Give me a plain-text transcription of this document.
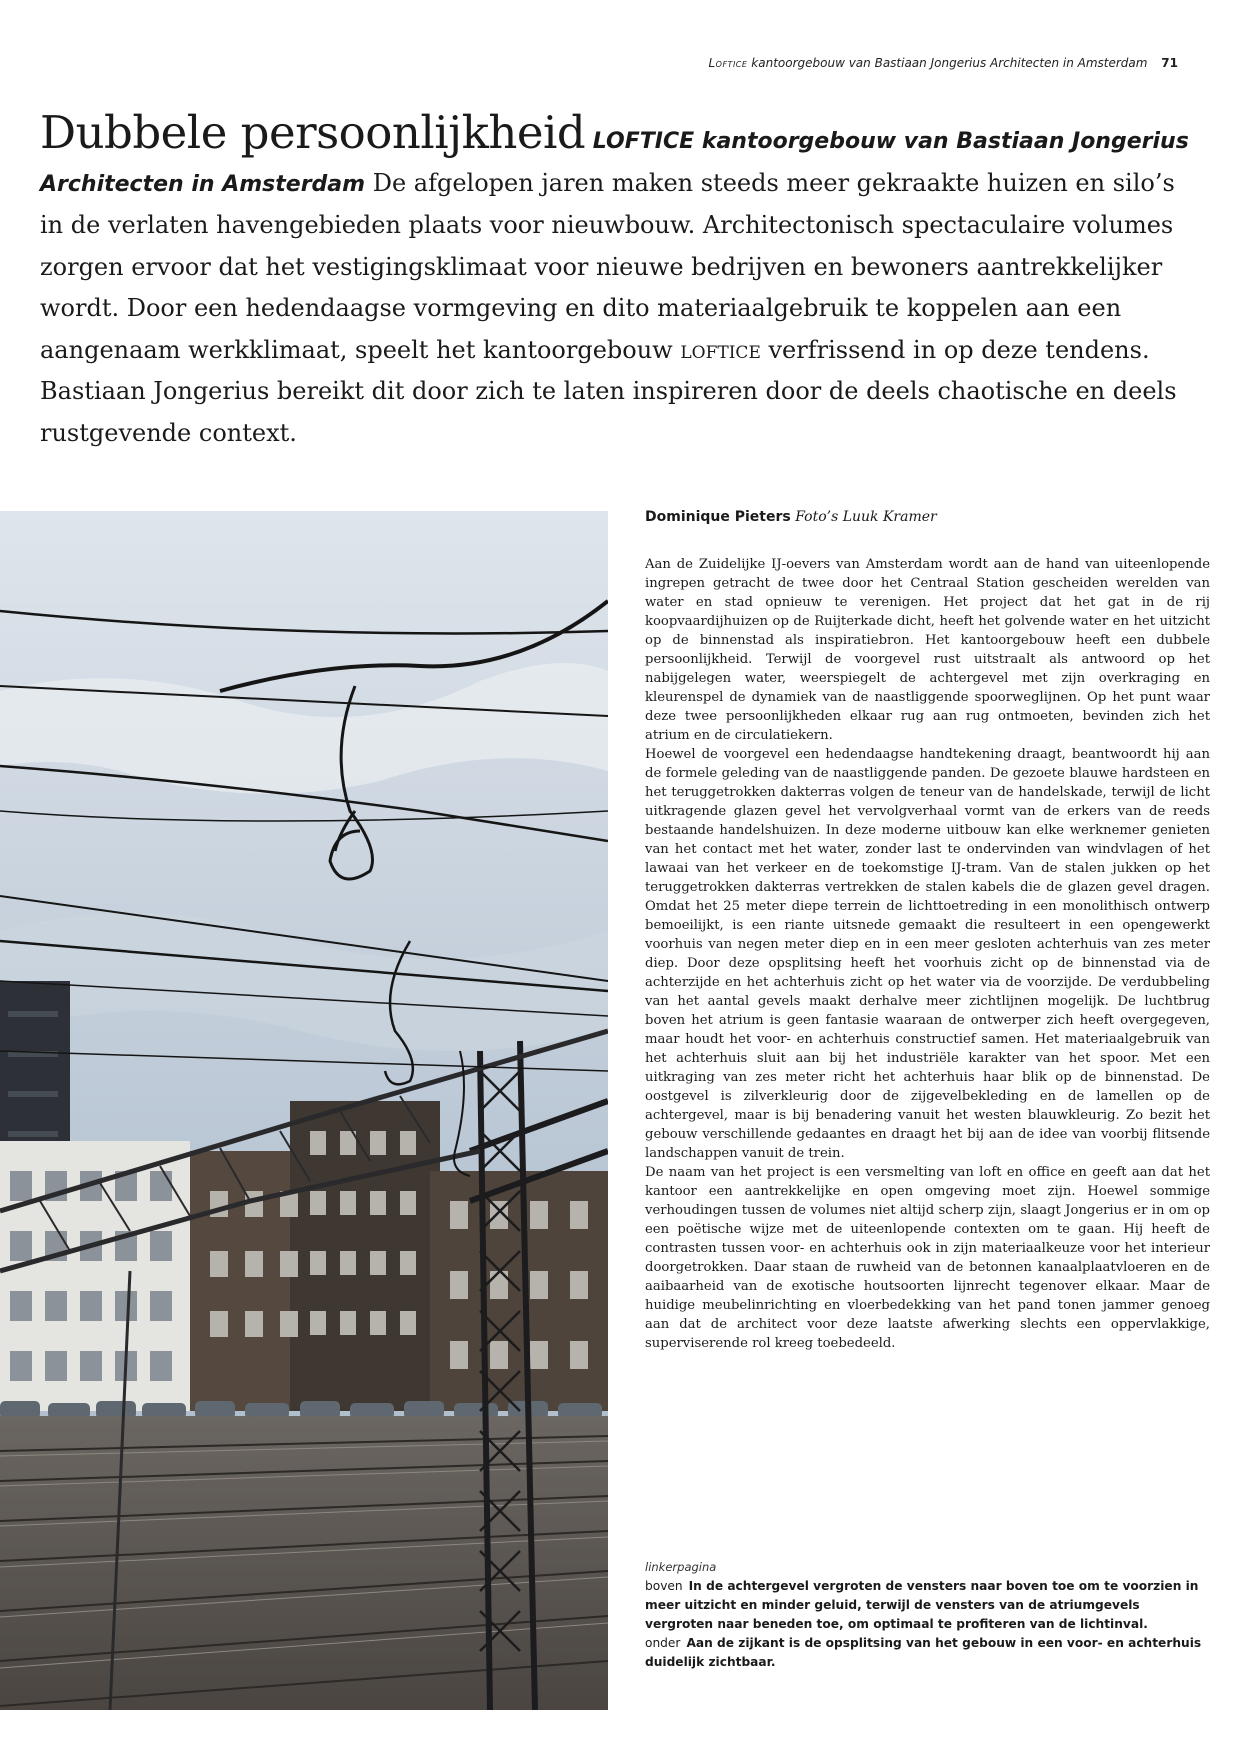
Loftice kantoorgebouw van Bastiaan Jongerius Architecten in Amsterdam 71
Dubbele persoonlijkheid LOFTICE kantoorgebouw van Bastiaan Jongerius Architecten in Amsterdam De afgelopen jaren maken steeds meer gekraakte huizen en silo’s in de verlaten havengebieden plaats voor nieuwbouw. Architectonisch spectaculaire volumes zorgen ervoor dat het vestigingsklimaat voor nieuwe bedrijven en bewoners aantrekkelijker wordt. Door een hedendaagse vormgeving en dito materiaalgebruik te koppelen aan een aangenaam werkklimaat, speelt het kantoorgebouw loftice verfrissend in op deze tendens. Bastiaan Jongerius bereikt dit door zich te laten inspireren door de deels chaotische en deels rustgevende context.
Dominique Pieters Foto’s Luuk Kramer

Aan de Zuidelijke IJ-oevers van Amsterdam wordt aan de hand van uiteenlopende ingrepen getracht de twee door het Centraal Station gescheiden werelden van water en stad opnieuw te verenigen. Het project dat het gat in de rij koopvaardijhuizen op de Ruijterkade dicht, heeft het golvende water en het uitzicht op de binnenstad als inspiratiebron. Het kantoorgebouw heeft een dubbele persoonlijkheid. Terwijl de voorgevel rust uitstraalt als antwoord op het nabijgelegen water, weerspiegelt de achtergevel met zijn overkraging en kleurenspel de dynamiek van de naastliggende spoorweglijnen. Op het punt waar deze twee persoonlijkheden elkaar rug aan rug ontmoeten, bevinden zich het atrium en de circulatiekern.

Hoewel de voorgevel een hedendaagse handtekening draagt, beantwoordt hij aan de formele geleding van de naastliggende panden. De gezoete blauwe hardsteen en het teruggetrokken dakterras volgen de teneur van de handelskade, terwijl de licht uitkragende glazen gevel het vervolgverhaal vormt van de erkers van de reeds bestaande handelshuizen. In deze moderne uitbouw kan elke werknemer genieten van het contact met het water, zonder last te ondervinden van windvlagen of het lawaai van het verkeer en de toekomstige IJ-tram. Van de stalen jukken op het teruggetrokken dakterras vertrekken de stalen kabels die de glazen gevel dragen. Omdat het 25 meter diepe terrein de lichttoetreding in een monolithisch ontwerp bemoeilijkt, is een riante uitsnede gemaakt die resulteert in een opengewerkt voorhuis van negen meter diep en in een meer gesloten achterhuis van zes meter diep. Door deze opsplitsing heeft het voorhuis zicht op de binnenstad via de achterzijde en het achterhuis zicht op het water via de voorzijde. De verdubbeling van het aantal gevels maakt derhalve meer zichtlijnen mogelijk. De luchtbrug boven het atrium is geen fantasie waaraan de ontwerper zich heeft overgegeven, maar houdt het voor- en achterhuis constructief samen. Het materiaalgebruik van het achterhuis sluit aan bij het industriële karakter van het spoor. Met een uitkraging van zes meter richt het achterhuis haar blik op de binnenstad. De oostgevel is zilverkleurig door de zijgevelbekleding en de lamellen op de achtergevel, maar is bij benadering vanuit het westen blauwkleurig. Zo bezit het gebouw verschillende gedaantes en draagt het bij aan de idee van voorbij flitsende landschappen vanuit de trein.

De naam van het project is een versmelting van loft en office en geeft aan dat het kantoor een aantrekkelijke en open omgeving moet zijn. Hoewel sommige verhoudingen tussen de volumes niet altijd scherp zijn, slaagt Jongerius er in om op een poëtische wijze met de uiteenlopende contexten om te gaan. Hij heeft de contrasten tussen voor- en achterhuis ook in zijn materiaalkeuze voor het interieur doorgetrokken. Daar staan de ruwheid van de betonnen kanaalplaatvloeren en de aaibaarheid van de exotische houtsoorten lijnrecht tegenover elkaar. Maar de huidige meubelinrichting en vloerbedekking van het pand tonen jammer genoeg aan dat de architect voor deze laatste afwerking slechts een oppervlakkige, superviserende rol kreeg toebedeeld.

linkerpagina

boven In de achtergevel vergroten de vensters naar boven toe om te voorzien in meer uitzicht en minder geluid, terwijl de vensters van de atriumgevels vergroten naar beneden toe, om optimaal te profiteren van de lichtinval.

onder Aan de zijkant is de opsplitsing van het gebouw in een voor- en achterhuis duidelijk zichtbaar.
